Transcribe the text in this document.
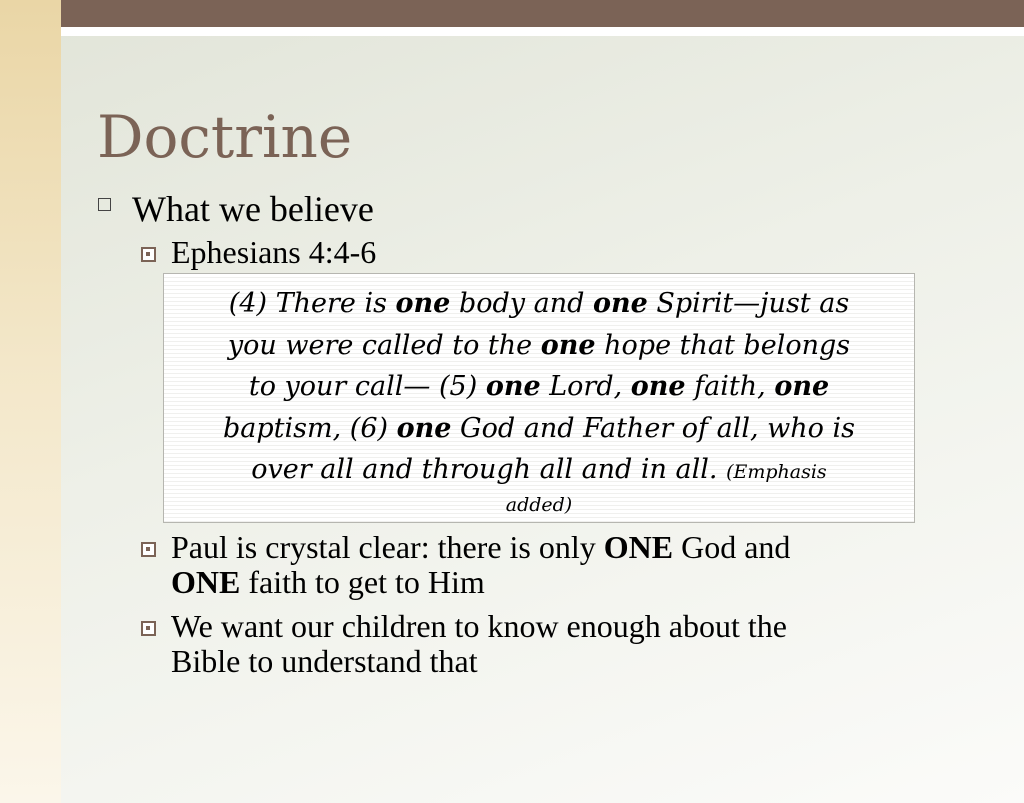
Doctrine
What we believe
Ephesians 4:4-6
(4) There is one body and one Spirit—just as
you were called to the one hope that belongs
to your call— (5) one Lord, one faith, one
baptism, (6) one God and Father of all, who is
over all and through all and in all. (Emphasis
added)
Paul is crystal clear: there is only ONE God and
ONE faith to get to Him
We want our children to know enough about the
Bible to understand that
